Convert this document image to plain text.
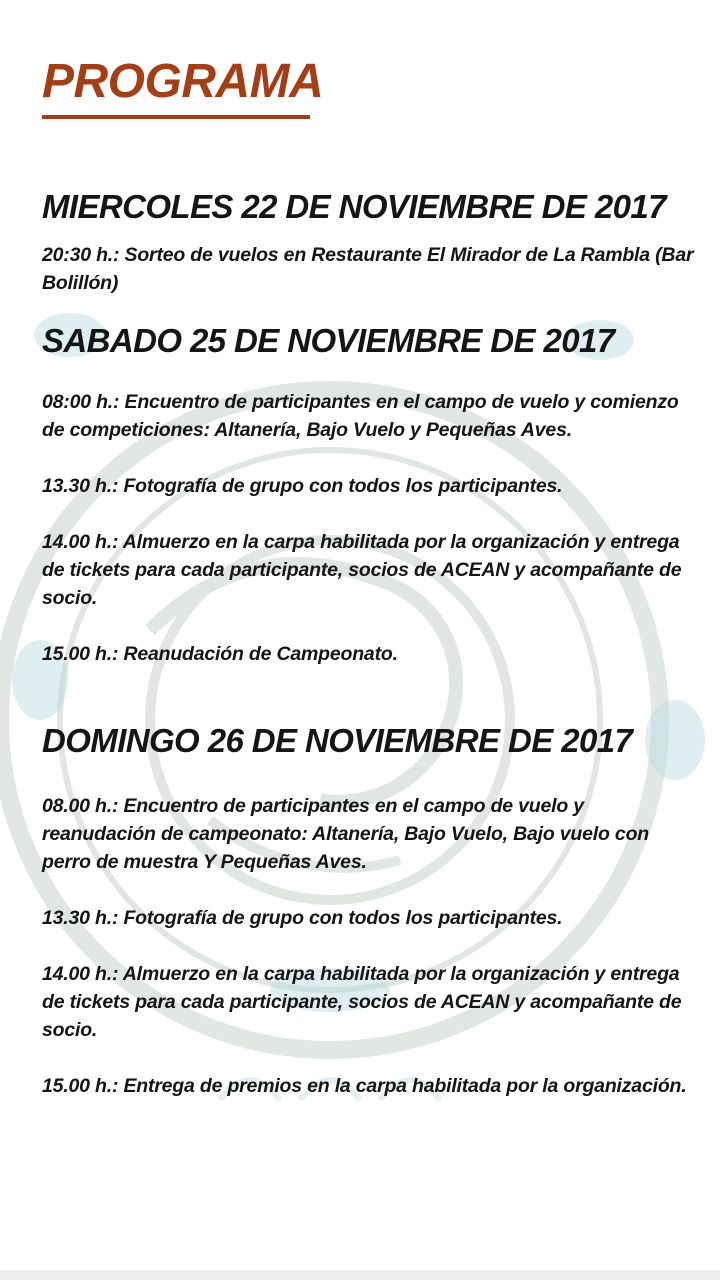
PROGRAMA
MIERCOLES 22 DE NOVIEMBRE DE 2017

20:30 h.: Sorteo de vuelos en Restaurante El Mirador de La Rambla (Bar Bolillón)

SABADO 25 DE NOVIEMBRE DE 2017

08:00 h.: Encuentro de participantes en el campo de vuelo y comienzo de competiciones: Altanería, Bajo Vuelo y Pequeñas Aves.

13.30 h.: Fotografía de grupo con todos los participantes.

14.00 h.: Almuerzo en la carpa habilitada por la organización y entrega de tickets para cada participante, socios de ACEAN y acompañante de socio.

15.00 h.: Reanudación de Campeonato.

DOMINGO 26 DE NOVIEMBRE DE 2017

08.00 h.: Encuentro de participantes en el campo de vuelo y reanudación de campeonato: Altanería, Bajo Vuelo, Bajo vuelo con perro de muestra Y Pequeñas Aves.

13.30 h.: Fotografía de grupo con todos los participantes.

14.00 h.: Almuerzo en la carpa habilitada por la organización y entrega de tickets para cada participante, socios de ACEAN y acompañante de socio.

15.00 h.: Entrega de premios en la carpa habilitada por la organización.
